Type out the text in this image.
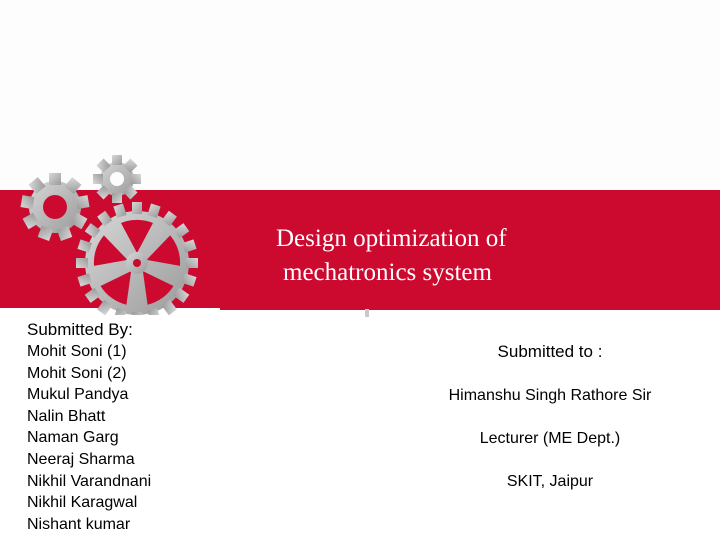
Design optimization of
mechatronics system
Submitted By:
Mohit Soni (1)
Mohit Soni (2)
Mukul Pandya
Nalin Bhatt
Naman Garg
Neeraj Sharma
Nikhil Varandnani
Nikhil Karagwal
Nishant kumar
Submitted to :
Himanshu Singh Rathore Sir
Lecturer (ME Dept.)
SKIT, Jaipur
